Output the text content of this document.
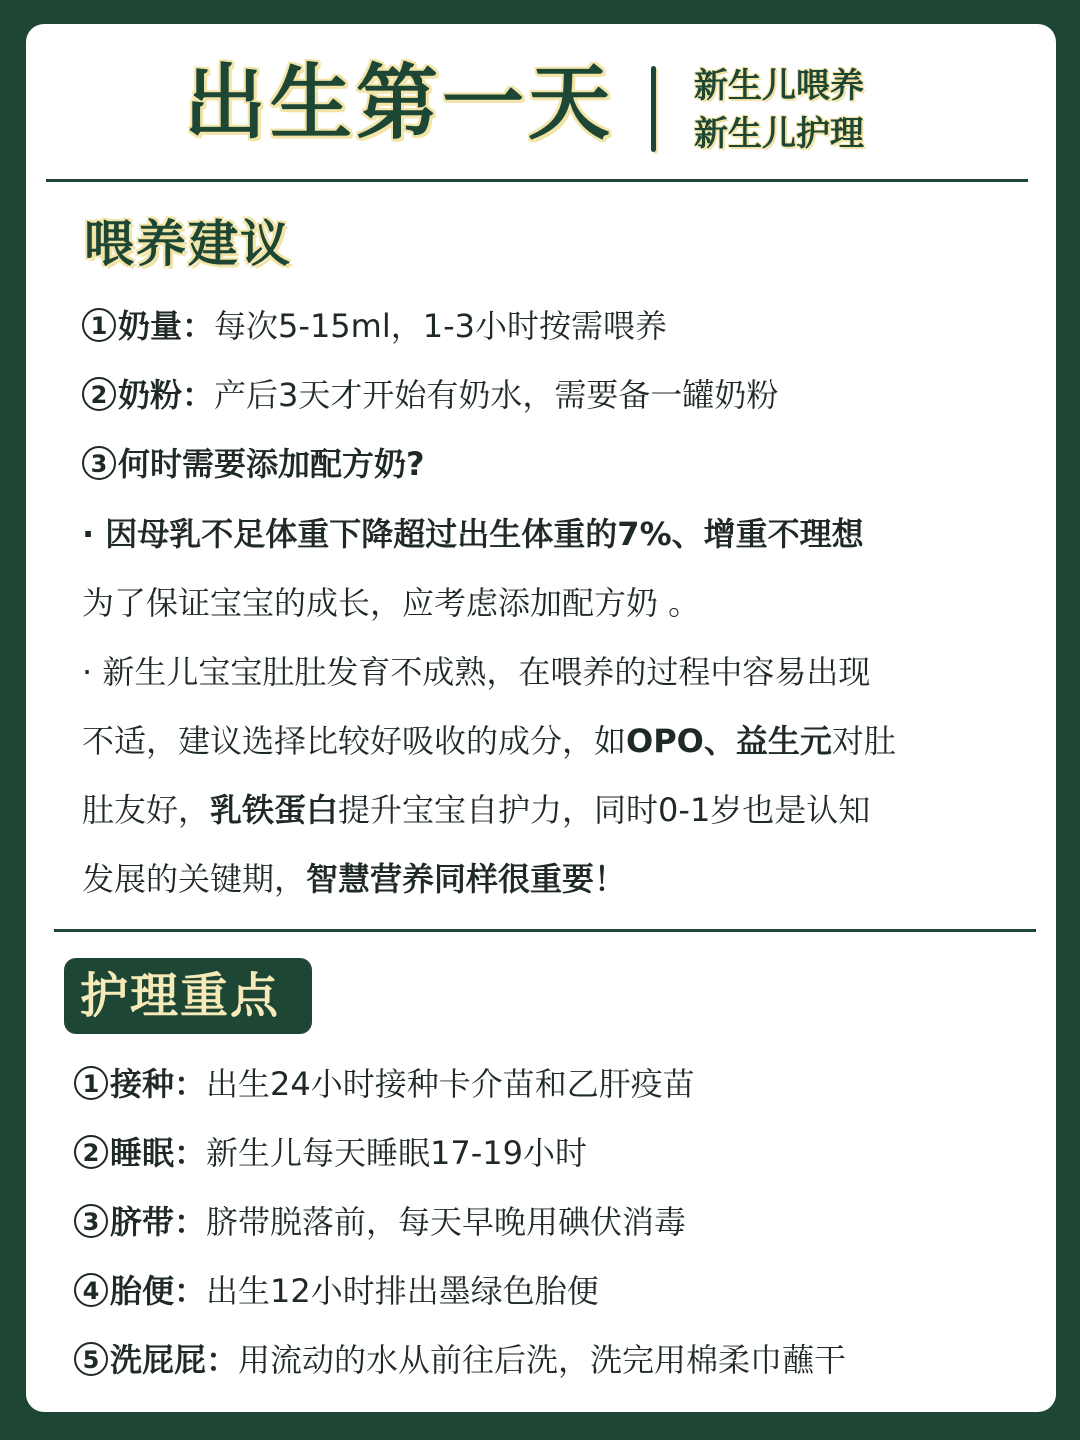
出生第一天 新生儿喂养
新生儿护理
喂养建议
1 奶量：每次5-15ml，1-3小时按需喂养
2 奶粉：产后3天才开始有奶水，需要备一罐奶粉
3 何时需要添加配方奶?
· 因母乳不足体重下降超过出生体重的7%、增重不理想
为了保证宝宝的成长，应考虑添加配方奶 。
· 新生儿宝宝肚肚发育不成熟，在喂养的过程中容易出现
不适，建议选择比较好吸收的成分，如OPO、益生元对肚
肚友好，乳铁蛋白提升宝宝自护力，同时0-1岁也是认知
发展的关键期，智慧营养同样很重要！
护理重点
1 接种：出生24小时接种卡介苗和乙肝疫苗
2 睡眠：新生儿每天睡眠17-19小时
3 脐带：脐带脱落前，每天早晚用碘伏消毒
4 胎便：出生12小时排出墨绿色胎便
5 洗屁屁：用流动的水从前往后洗，洗完用棉柔巾蘸干
